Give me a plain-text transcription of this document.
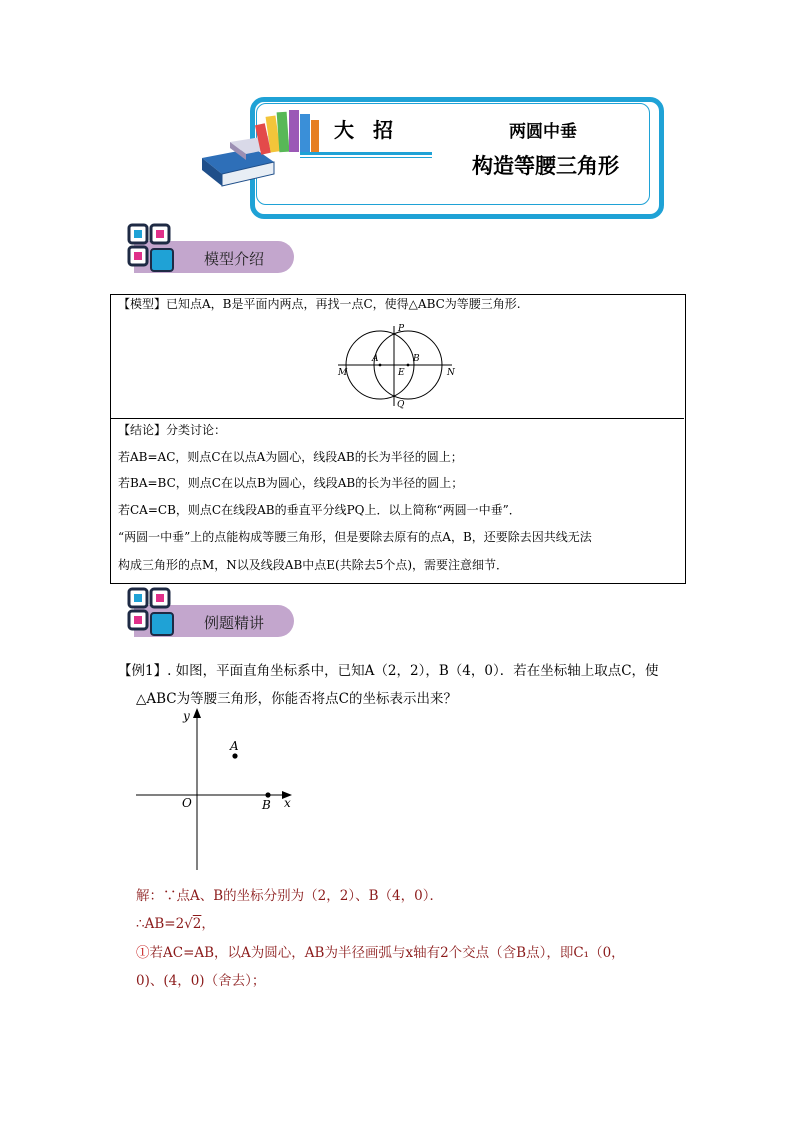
大 招	两圆中垂
构造等腰三角形
模型介绍
【模型】已知点A，B是平面内两点，再找一点C，使得△ABC为等腰三角形.
P
A	B
M	E	N
Q
【结论】分类讨论：
若AB=AC，则点C在以点A为圆心，线段AB的长为半径的圆上；
若BA=BC，则点C在以点B为圆心，线段AB的长为半径的圆上；
若CA=CB，则点C在线段AB的垂直平分线PQ上．以上简称“两圆一中垂”．
“两圆一中垂”上的点能构成等腰三角形，但是要除去原有的点A，B，还要除去因共线无法
构成三角形的点M，N以及线段AB中点E(共除去5个点)，需要注意细节．
例题精讲
【例1】. 如图，平面直角坐标系中，已知A（2，2），B（4，0）．若在坐标轴上取点C，使
△ABC为等腰三角形，你能否将点C的坐标表示出来？
y
x
O
A
B
解：∵点A、B的坐标分别为（2，2）、B（4，0）．
∴AB=2√2，
①若AC=AB，以A为圆心，AB为半径画弧与x轴有2个交点（含B点），即C₁（0，
0)、(4，0)（舍去）；
